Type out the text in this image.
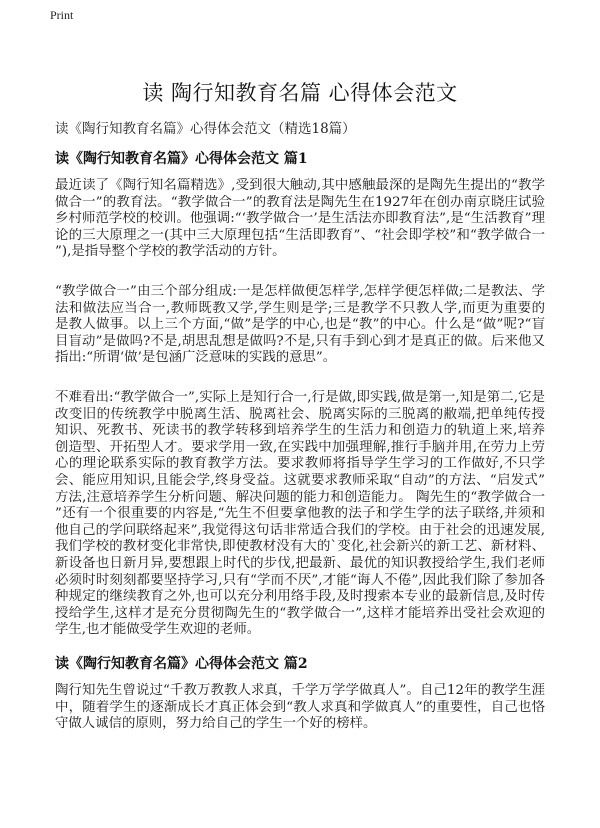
Print
读 陶行知教育名篇 心得体会范文
读《陶行知教育名篇》心得体会范文（精选18篇）
读《陶行知教育名篇》心得体会范文 篇1
最近读了《陶行知名篇精选》,受到很大触动,其中感触最深的是陶先生提出的“教学
做合一”的教育法。“教学做合一”的教育法是陶先生在1927年在创办南京晓庄试验
乡村师范学校的校训。他强调:“‘教学做合一’是生活法亦即教育法”,是“生活教育”理
论的三大原理之一(其中三大原理包括“生活即教育”、“社会即学校”和“教学做合一
”),是指导整个学校的教学活动的方针。
“教学做合一”由三个部分组成:一是怎样做便怎样学,怎样学便怎样做;二是教法、学
法和做法应当合一,教师既教又学,学生则是学;三是教学不只教人学,而更为重要的
是教人做事。以上三个方面,“做”是学的中心,也是“教”的中心。什么是“做”呢?“盲
目盲动”是做吗?不是,胡思乱想是做吗?不是,只有手到心到才是真正的做。后来他又
指出:“所谓‘做’是包涵广泛意味的实践的意思”。
不难看出:“教学做合一”,实际上是知行合一,行是做,即实践,做是第一,知是第二,它是
改变旧的传统教学中脱离生活、脱离社会、脱离实际的三脱离的敝端,把单纯传授
知识、死教书、死读书的教学转移到培养学生的生活力和创造力的轨道上来,培养
创造型、开拓型人才。要求学用一致,在实践中加强理解,推行手脑并用,在劳力上劳
心的理论联系实际的教育教学方法。要求教师将指导学生学习的工作做好,不只学
会、能应用知识,且能会学,终身受益。这就要求教师采取“自动”的方法、“启发式”
方法,注意培养学生分析问题、解决问题的能力和创造能力。 陶先生的“教学做合一
”还有一个很重要的内容是,“先生不但要拿他教的法子和学生学的法子联络,并须和
他自己的学问联络起来”,我觉得这句话非常适合我们的学校。由于社会的迅速发展,
我们学校的教材变化非常快,即使教材没有大的`变化,社会新兴的新工艺、新材料、
新设备也日新月异,要想跟上时代的步伐,把最新、最优的知识教授给学生,我们老师
必须时时刻刻都要坚持学习,只有“学而不厌”,才能“诲人不倦”,因此我们除了参加各
种规定的继续教育之外,也可以充分利用络手段,及时搜索本专业的最新信息,及时传
授给学生,这样才是充分贯彻陶先生的“教学做合一”,这样才能培养出受社会欢迎的
学生,也才能做受学生欢迎的老师。
读《陶行知教育名篇》心得体会范文 篇2
陶行知先生曾说过“千教万教教人求真，千学万学学做真人”。自己12年的教学生涯
中，随着学生的逐渐成长才真正体会到“教人求真和学做真人”的重要性，自己也恪
守做人诚信的原则，努力给自己的学生一个好的榜样。
